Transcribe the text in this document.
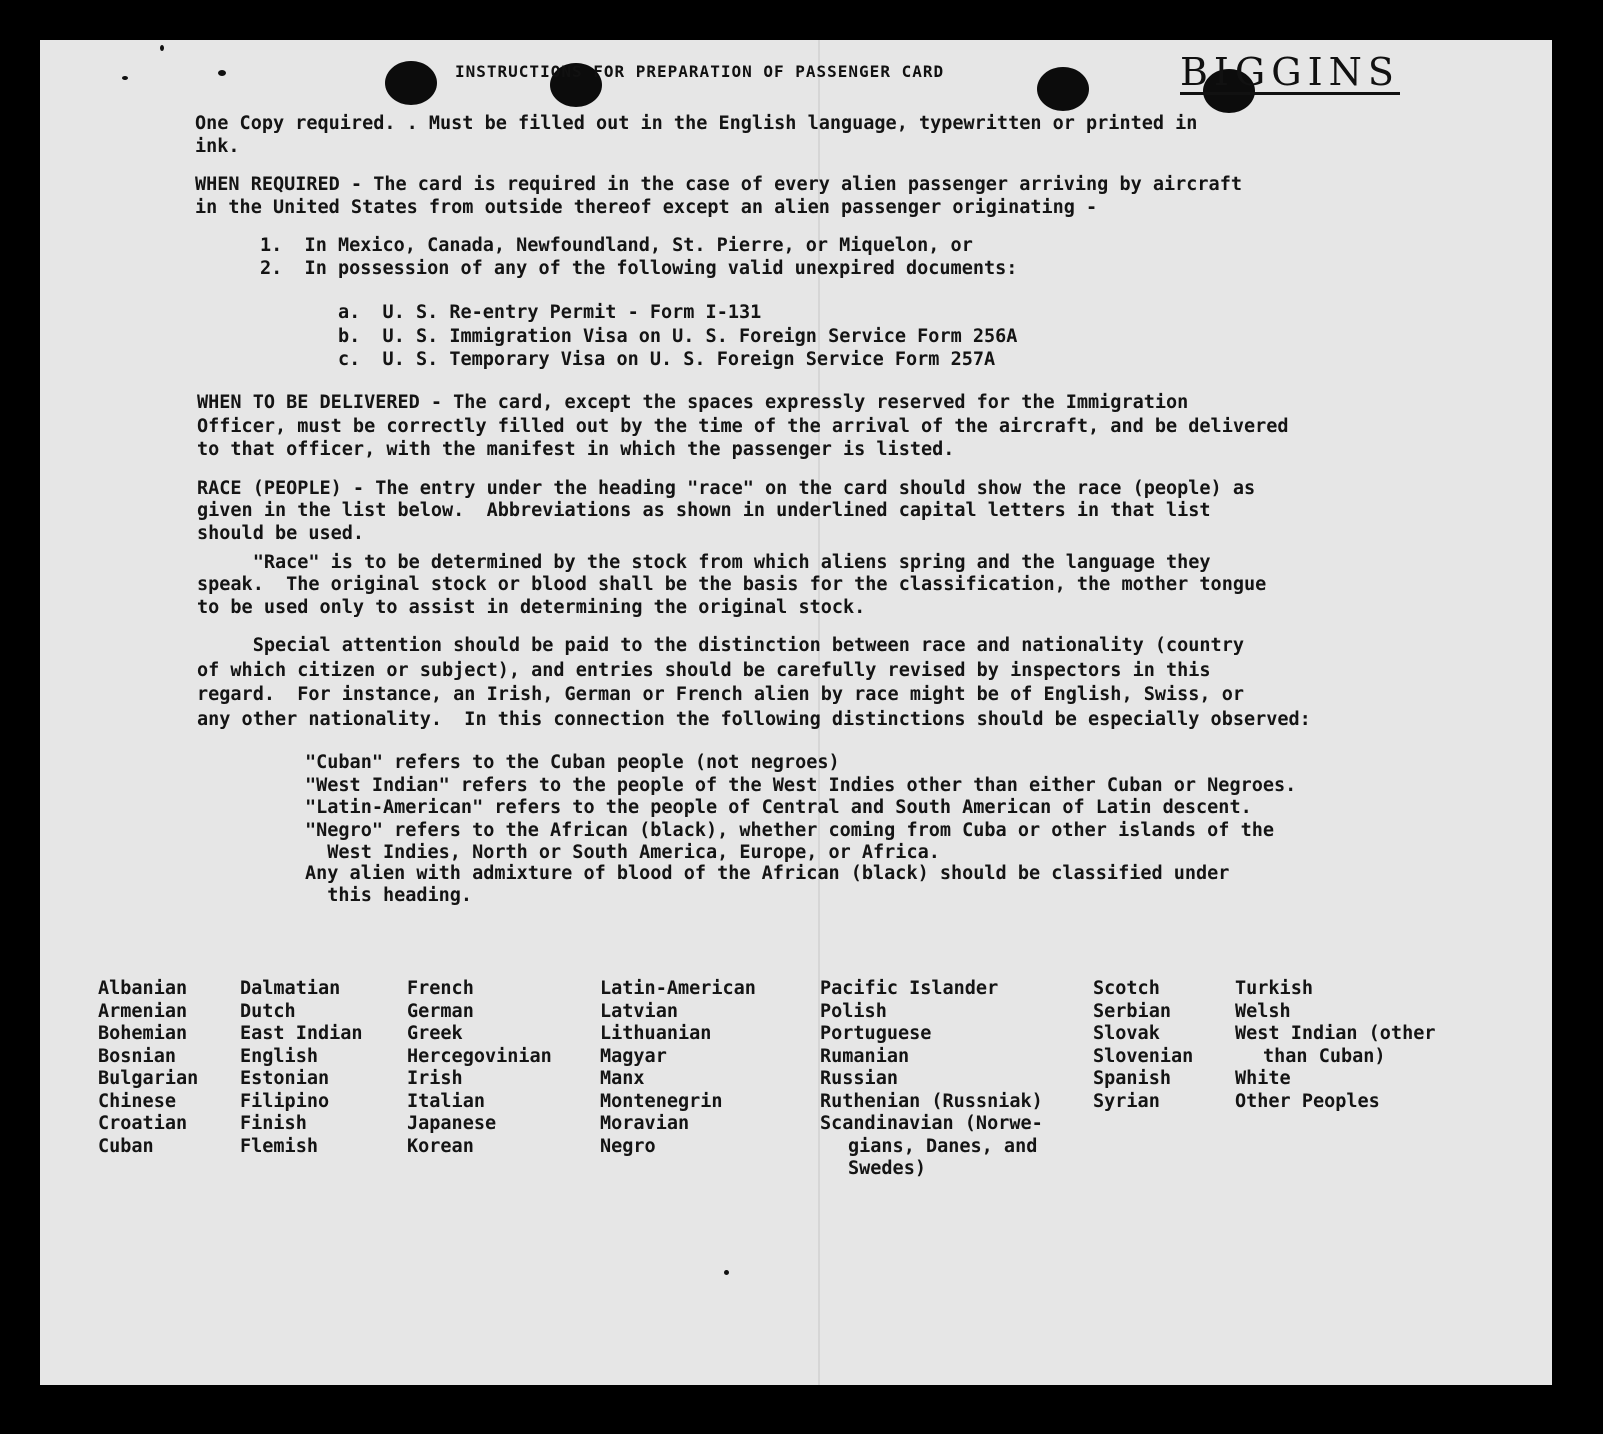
INSTRUCTIONS FOR PREPARATION OF PASSENGER CARD	BIGGINS
One Copy required. . Must be filled out in the English language, typewritten or printed in
ink.
WHEN REQUIRED - The card is required in the case of every alien passenger arriving by aircraft
in the United States from outside thereof except an alien passenger originating -
1.  In Mexico, Canada, Newfoundland, St. Pierre, or Miquelon, or
2.  In possession of any of the following valid unexpired documents:
a.  U. S. Re-entry Permit - Form I-131
b.  U. S. Immigration Visa on U. S. Foreign Service Form 256A
c.  U. S. Temporary Visa on U. S. Foreign Service Form 257A
WHEN TO BE DELIVERED - The card, except the spaces expressly reserved for the Immigration
Officer, must be correctly filled out by the time of the arrival of the aircraft, and be delivered
to that officer, with the manifest in which the passenger is listed.
RACE (PEOPLE) - The entry under the heading "race" on the card should show the race (people) as
given in the list below.  Abbreviations as shown in underlined capital letters in that list
should be used.
"Race" is to be determined by the stock from which aliens spring and the language they
speak.  The original stock or blood shall be the basis for the classification, the mother tongue
to be used only to assist in determining the original stock.
Special attention should be paid to the distinction between race and nationality (country
of which citizen or subject), and entries should be carefully revised by inspectors in this
regard.  For instance, an Irish, German or French alien by race might be of English, Swiss, or
any other nationality.  In this connection the following distinctions should be especially observed:
"Cuban" refers to the Cuban people (not negroes)
"West Indian" refers to the people of the West Indies other than either Cuban or Negroes.
"Latin-American" refers to the people of Central and South American of Latin descent.
"Negro" refers to the African (black), whether coming from Cuba or other islands of the
West Indies, North or South America, Europe, or Africa.
Any alien with admixture of blood of the African (black) should be classified under
this heading.
Albanian
Armenian
Bohemian
Bosnian
Bulgarian
Chinese
Croatian
Cuban
Dalmatian
Dutch
East Indian
English
Estonian
Filipino
Finish
Flemish
French
German
Greek
Hercegovinian
Irish
Italian
Japanese
Korean
Latin-American
Latvian
Lithuanian
Magyar
Manx
Montenegrin
Moravian
Negro
Pacific Islander
Polish
Portuguese
Rumanian
Russian
Ruthenian (Russniak)
Scandinavian (Norwe-
gians, Danes, and
Swedes)
Scotch
Serbian
Slovak
Slovenian
Spanish
Syrian
Turkish
Welsh
West Indian (other
than Cuban)
White
Other Peoples
